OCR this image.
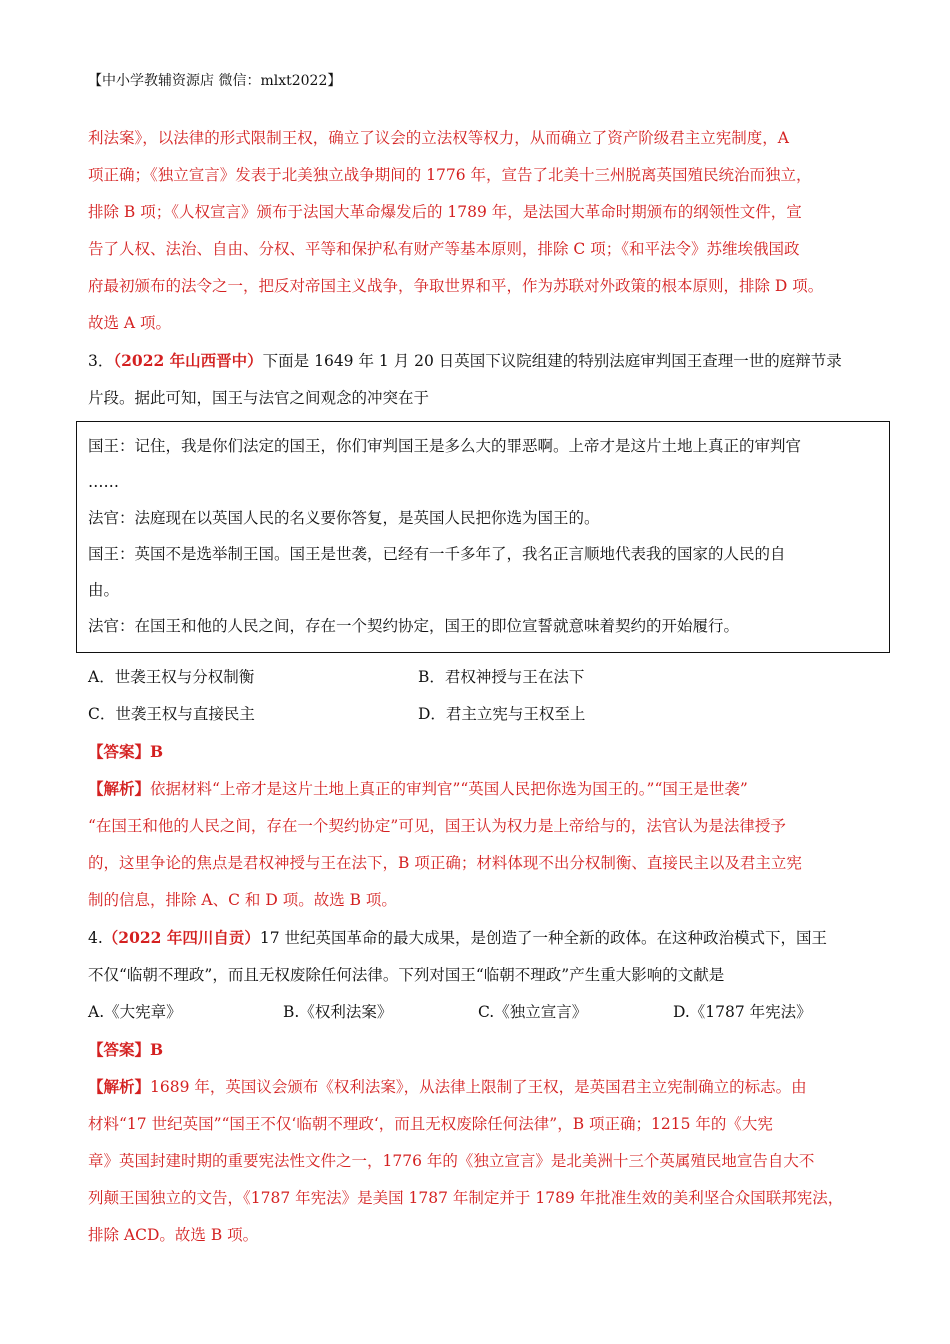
【中小学教辅资源店 微信：mlxt2022】

利法案》，以法律的形式限制王权，确立了议会的立法权等权力，从而确立了资产阶级君主立宪制度，A

项正确；《独立宣言》发表于北美独立战争期间的 1776 年，宣告了北美十三州脱离英国殖民统治而独立，

排除 B 项；《人权宣言》颁布于法国大革命爆发后的 1789 年，是法国大革命时期颁布的纲领性文件，宣

告了人权、法治、自由、分权、平等和保护私有财产等基本原则，排除 C 项；《和平法令》苏维埃俄国政

府最初颁布的法令之一，把反对帝国主义战争，争取世界和平，作为苏联对外政策的根本原则，排除 D 项。

故选 A 项。

3．（2022 年山西晋中）下面是 1649 年 1 月 20 日英国下议院组建的特别法庭审判国王查理一世的庭辩节录

片段。据此可知，国王与法官之间观念的冲突在于

国王：记住，我是你们法定的国王，你们审判国王是多么大的罪恶啊。上帝才是这片土地上真正的审判官

……

法官：法庭现在以英国人民的名义要你答复，是英国人民把你选为国王的。

国王：英国不是选举制王国。国王是世袭，已经有一千多年了，我名正言顺地代表我的国家的人民的自

由。

法官：在国王和他的人民之间，存在一个契约协定，国王的即位宣誓就意味着契约的开始履行。

A．世袭王权与分权制衡	B．君权神授与王在法下
C．世袭王权与直接民主	D．君主立宪与王权至上

【答案】B

【解析】依据材料“上帝才是这片土地上真正的审判官”“英国人民把你选为国王的。”“国王是世袭”

“在国王和他的人民之间，存在一个契约协定”可见，国王认为权力是上帝给与的，法官认为是法律授予

的，这里争论的焦点是君权神授与王在法下，B 项正确；材料体现不出分权制衡、直接民主以及君主立宪

制的信息，排除 A、C 和 D 项。故选 B 项。

4.（2022 年四川自贡）17 世纪英国革命的最大成果，是创造了一种全新的政体。在这种政治模式下，国王

不仅“临朝不理政”，而且无权废除任何法律。下列对国王“临朝不理政”产生重大影响的文献是

A.《大宪章》	B.《权利法案》	C.《独立宣言》	D.《1787 年宪法》

【答案】B

【解析】1689 年，英国议会颁布《权利法案》，从法律上限制了王权，是英国君主立宪制确立的标志。由

材料“17 世纪英国”“国王不仅‘临朝不理政‘，而且无权废除任何法律”，B 项正确；1215 年的《大宪

章》英国封建时期的重要宪法性文件之一，1776 年的《独立宣言》是北美洲十三个英属殖民地宣告自大不

列颠王国独立的文告，《1787 年宪法》是美国 1787 年制定并于 1789 年批准生效的美利坚合众国联邦宪法，

排除 ACD。故选 B 项。
